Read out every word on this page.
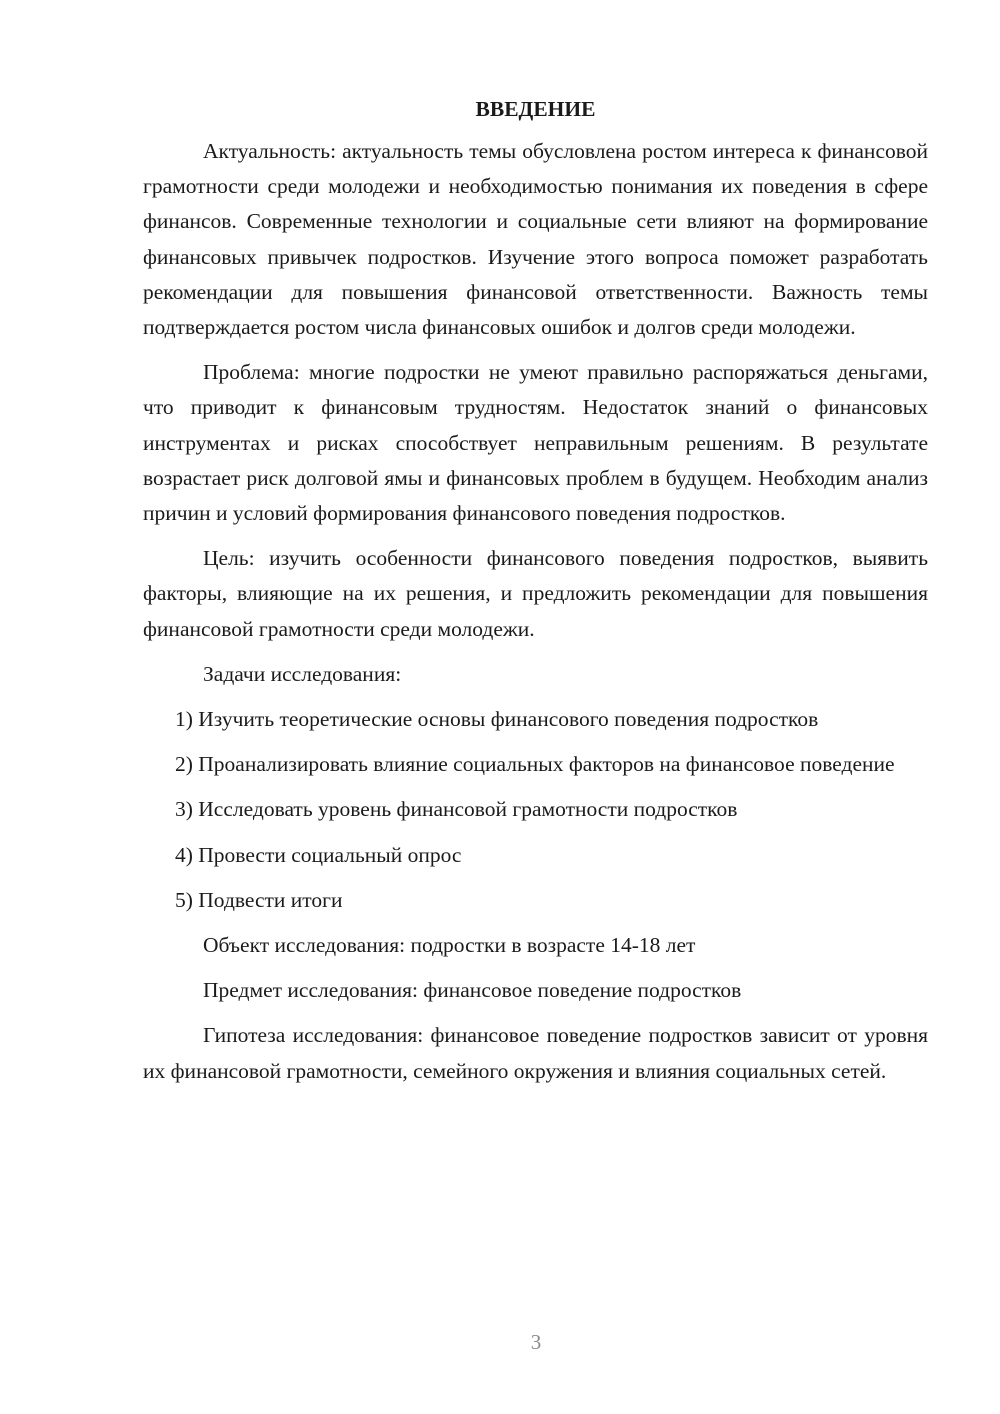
ВВЕДЕНИЕ

Актуальность: актуальность темы обусловлена ростом интереса к финансовой грамотности среди молодежи и необходимостью понимания их поведения в сфере финансов. Современные технологии и социальные сети влияют на формирование финансовых привычек подростков. Изучение этого вопроса поможет разработать рекомендации для повышения финансовой ответственности. Важность темы подтверждается ростом числа финансовых ошибок и долгов среди молодежи.

Проблема: многие подростки не умеют правильно распоряжаться деньгами, что приводит к финансовым трудностям. Недостаток знаний о финансовых инструментах и рисках способствует неправильным решениям. В результате возрастает риск долговой ямы и финансовых проблем в будущем. Необходим анализ причин и условий формирования финансового поведения подростков.

Цель: изучить особенности финансового поведения подростков, выявить факторы, влияющие на их решения, и предложить рекомендации для повышения финансовой грамотности среди молодежи.

Задачи исследования:

1) Изучить теоретические основы финансового поведения подростков

2) Проанализировать влияние социальных факторов на финансовое поведение

3) Исследовать уровень финансовой грамотности подростков

4) Провести социальный опрос

5) Подвести итоги

Объект исследования: подростки в возрасте 14-18 лет

Предмет исследования: финансовое поведение подростков

Гипотеза исследования: финансовое поведение подростков зависит от уровня их финансовой грамотности, семейного окружения и влияния социальных сетей.

3
